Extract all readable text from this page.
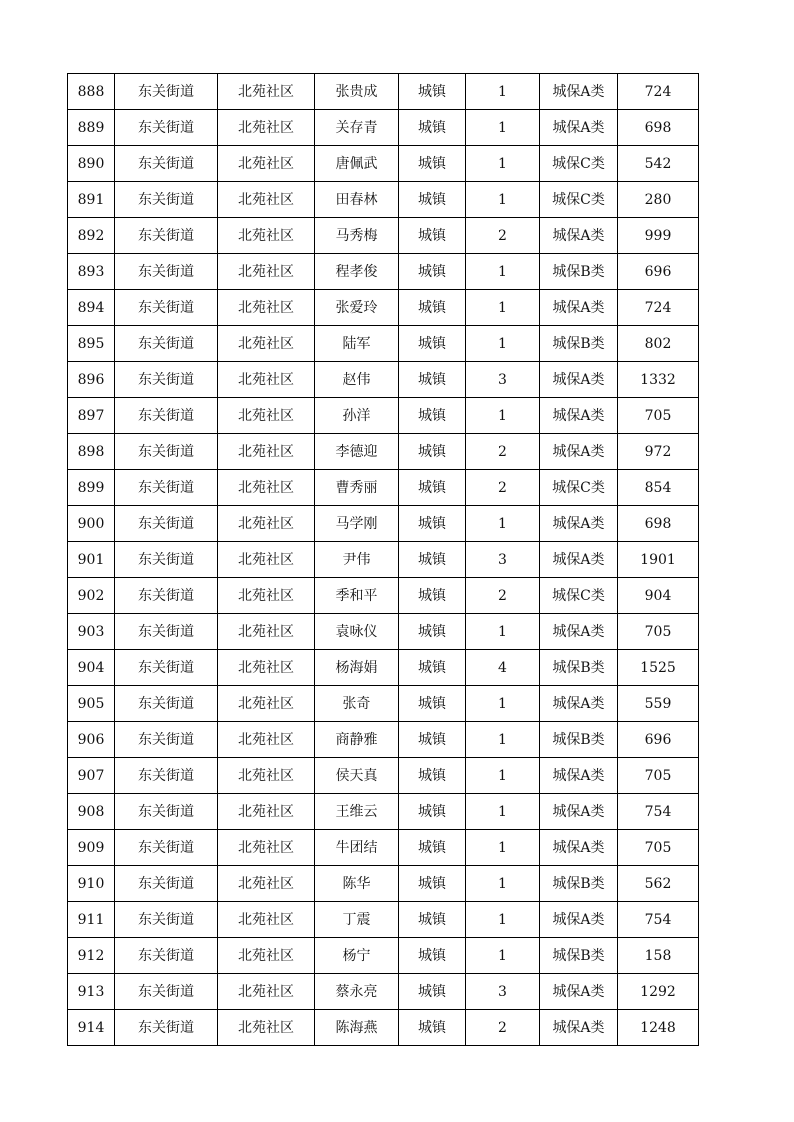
888	东关街道	北苑社区	张贵成	城镇	1	城保A类	724
889	东关街道	北苑社区	关存青	城镇	1	城保A类	698
890	东关街道	北苑社区	唐佩武	城镇	1	城保C类	542
891	东关街道	北苑社区	田春林	城镇	1	城保C类	280
892	东关街道	北苑社区	马秀梅	城镇	2	城保A类	999
893	东关街道	北苑社区	程孝俊	城镇	1	城保B类	696
894	东关街道	北苑社区	张爱玲	城镇	1	城保A类	724
895	东关街道	北苑社区	陆军	城镇	1	城保B类	802
896	东关街道	北苑社区	赵伟	城镇	3	城保A类	1332
897	东关街道	北苑社区	孙洋	城镇	1	城保A类	705
898	东关街道	北苑社区	李德迎	城镇	2	城保A类	972
899	东关街道	北苑社区	曹秀丽	城镇	2	城保C类	854
900	东关街道	北苑社区	马学刚	城镇	1	城保A类	698
901	东关街道	北苑社区	尹伟	城镇	3	城保A类	1901
902	东关街道	北苑社区	季和平	城镇	2	城保C类	904
903	东关街道	北苑社区	袁咏仪	城镇	1	城保A类	705
904	东关街道	北苑社区	杨海娟	城镇	4	城保B类	1525
905	东关街道	北苑社区	张奇	城镇	1	城保A类	559
906	东关街道	北苑社区	商静雅	城镇	1	城保B类	696
907	东关街道	北苑社区	侯天真	城镇	1	城保A类	705
908	东关街道	北苑社区	王维云	城镇	1	城保A类	754
909	东关街道	北苑社区	牛团结	城镇	1	城保A类	705
910	东关街道	北苑社区	陈华	城镇	1	城保B类	562
911	东关街道	北苑社区	丁震	城镇	1	城保A类	754
912	东关街道	北苑社区	杨宁	城镇	1	城保B类	158
913	东关街道	北苑社区	蔡永亮	城镇	3	城保A类	1292
914	东关街道	北苑社区	陈海燕	城镇	2	城保A类	1248
